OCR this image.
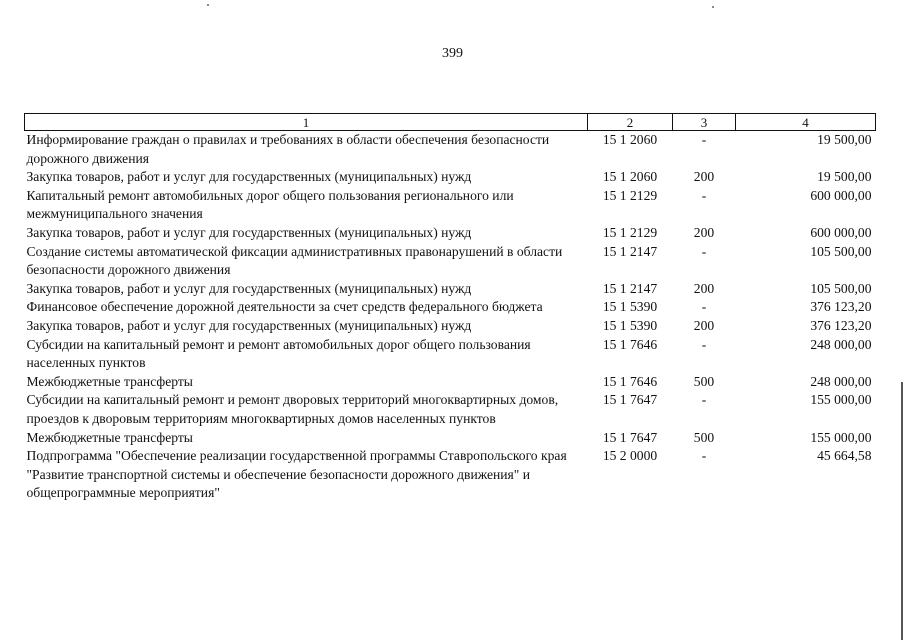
399
1	2	3	4
Информирование граждан о правилах и требованиях в области обеспечения безопасности дорожного движения	15 1 2060	-	19 500,00
Закупка товаров, работ и услуг для государственных (муниципальных) нужд	15 1 2060	200	19 500,00
Капитальный ремонт автомобильных дорог общего пользования регионального или межмуниципального значения	15 1 2129	-	600 000,00
Закупка товаров, работ и услуг для государственных (муниципальных) нужд	15 1 2129	200	600 000,00
Создание системы автоматической фиксации административных правонарушений в области безопасности дорожного движения	15 1 2147	-	105 500,00
Закупка товаров, работ и услуг для государственных (муниципальных) нужд	15 1 2147	200	105 500,00
Финансовое обеспечение дорожной деятельности за счет средств федерального бюджета	15 1 5390	-	376 123,20
Закупка товаров, работ и услуг для государственных (муниципальных) нужд	15 1 5390	200	376 123,20
Субсидии на капитальный ремонт и ремонт автомобильных дорог общего пользования населенных пунктов	15 1 7646	-	248 000,00
Межбюджетные трансферты	15 1 7646	500	248 000,00
Субсидии на капитальный ремонт и ремонт дворовых территорий многоквартирных домов, проездов к дворовым территориям многоквартирных домов населенных пунктов	15 1 7647	-	155 000,00
Межбюджетные трансферты	15 1 7647	500	155 000,00
Подпрограмма "Обеспечение реализации государственной программы Ставропольского края "Развитие транспортной системы и обеспечение безопасности дорожного движения" и общепрограммные мероприятия"	15 2 0000	-	45 664,58
